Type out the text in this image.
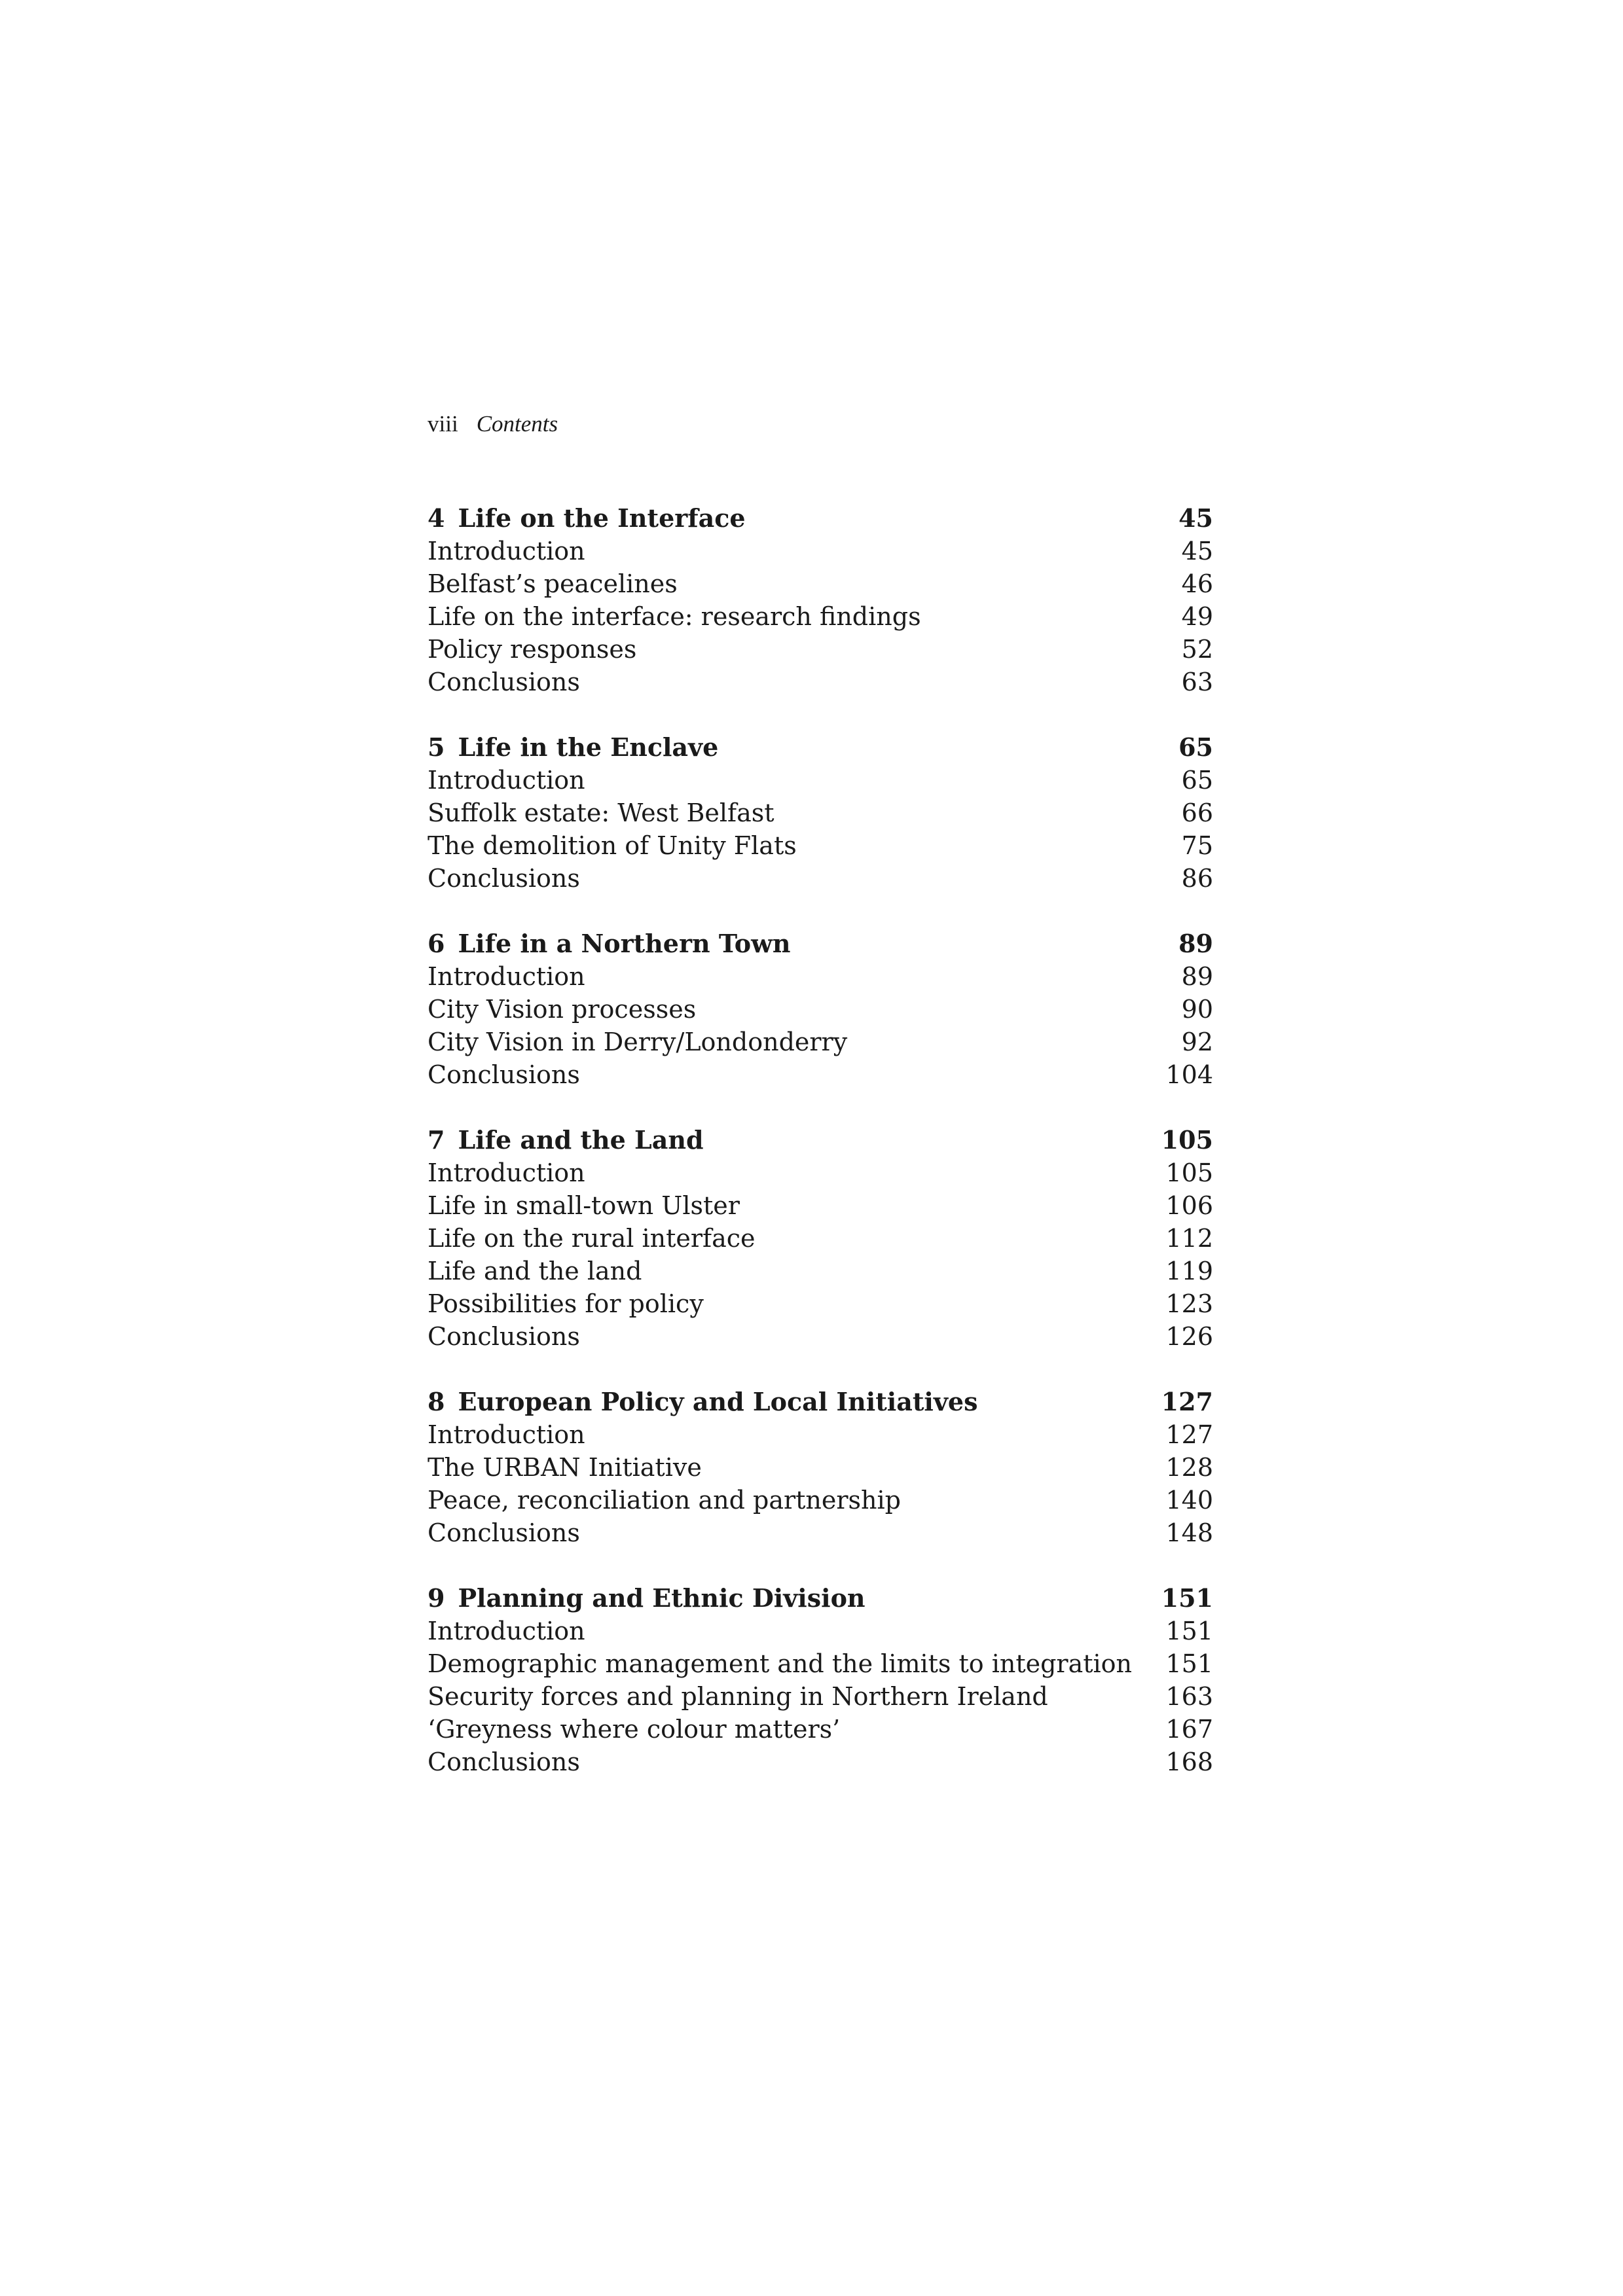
viii Contents
4 Life on the Interface	45
Introduction	45
Belfast’s peacelines	46
Life on the interface: research findings	49
Policy responses	52
Conclusions	63
5 Life in the Enclave	65
Introduction	65
Suffolk estate: West Belfast	66
The demolition of Unity Flats	75
Conclusions	86
6 Life in a Northern Town	89
Introduction	89
City Vision processes	90
City Vision in Derry/Londonderry	92
Conclusions	104
7 Life and the Land	105
Introduction	105
Life in small-town Ulster	106
Life on the rural interface	112
Life and the land	119
Possibilities for policy	123
Conclusions	126
8 European Policy and Local Initiatives	127
Introduction	127
The URBAN Initiative	128
Peace, reconciliation and partnership	140
Conclusions	148
9 Planning and Ethnic Division	151
Introduction	151
Demographic management and the limits to integration 151
Security forces and planning in Northern Ireland	163
‘Greyness where colour matters’	167
Conclusions	168
